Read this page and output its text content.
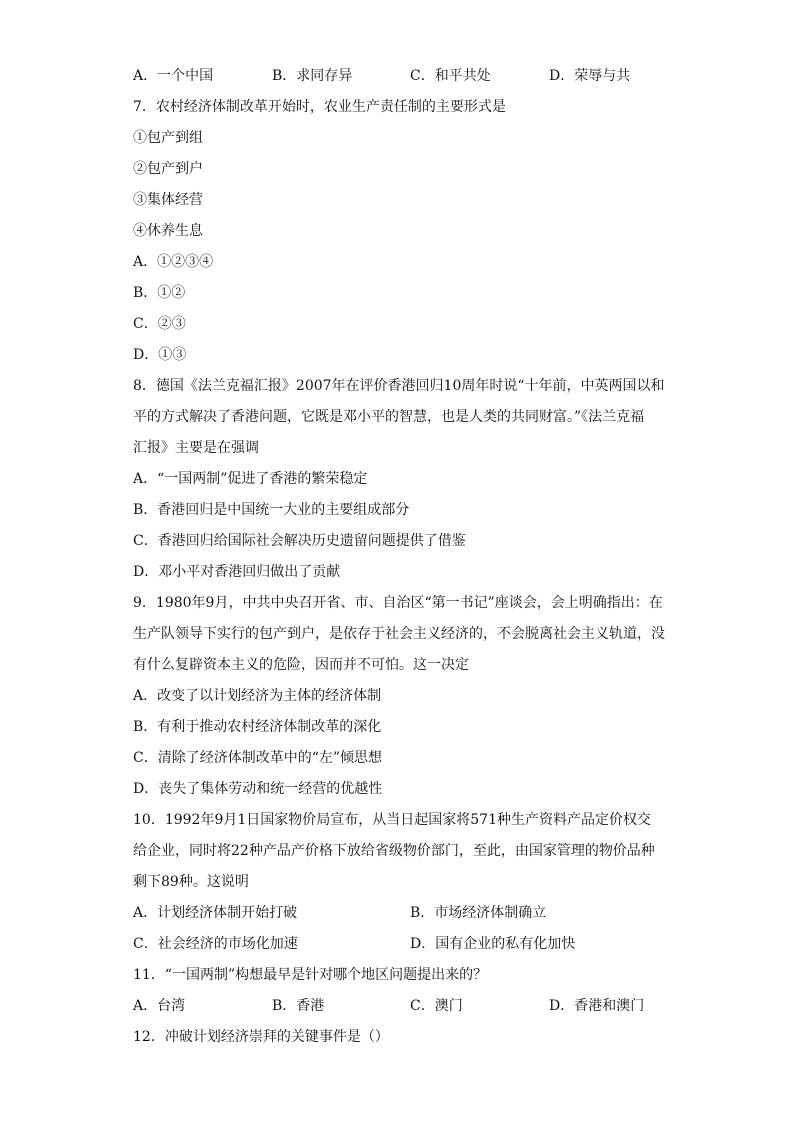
A．一个中国	B．求同存异	C．和平共处	D．荣辱与共
7．农村经济体制改革开始时，农业生产责任制的主要形式是
①包产到组
②包产到户
③集体经营
④休养生息
A．①②③④
B．①②
C．②③
D．①③
8．德国《法兰克福汇报》2007年在评价香港回归10周年时说“十年前，中英两国以和
平的方式解决了香港问题，它既是邓小平的智慧，也是人类的共同财富。”《法兰克福
汇报》主要是在强调
A．“一国两制”促进了香港的繁荣稳定
B．香港回归是中国统一大业的主要组成部分
C．香港回归给国际社会解决历史遗留问题提供了借鉴
D．邓小平对香港回归做出了贡献
9．1980年9月，中共中央召开省、市、自治区“第一书记”座谈会，会上明确指出：在
生产队领导下实行的包产到户，是依存于社会主义经济的，不会脱离社会主义轨道，没
有什么复辟资本主义的危险，因而并不可怕。这一决定
A．改变了以计划经济为主体的经济体制
B．有利于推动农村经济体制改革的深化
C．清除了经济体制改革中的“左”倾思想
D．丧失了集体劳动和统一经营的优越性
10．1992年9月1日国家物价局宣布，从当日起国家将571种生产资料产品定价权交
给企业，同时将22种产品产价格下放给省级物价部门，至此，由国家管理的物价品种
剩下89种。这说明
A．计划经济体制开始打破	B．市场经济体制确立
C．社会经济的市场化加速	D．国有企业的私有化加快
11．“一国两制”构想最早是针对哪个地区问题提出来的？
A．台湾	B．香港	C．澳门	D．香港和澳门
12．冲破计划经济崇拜的关键事件是（）
